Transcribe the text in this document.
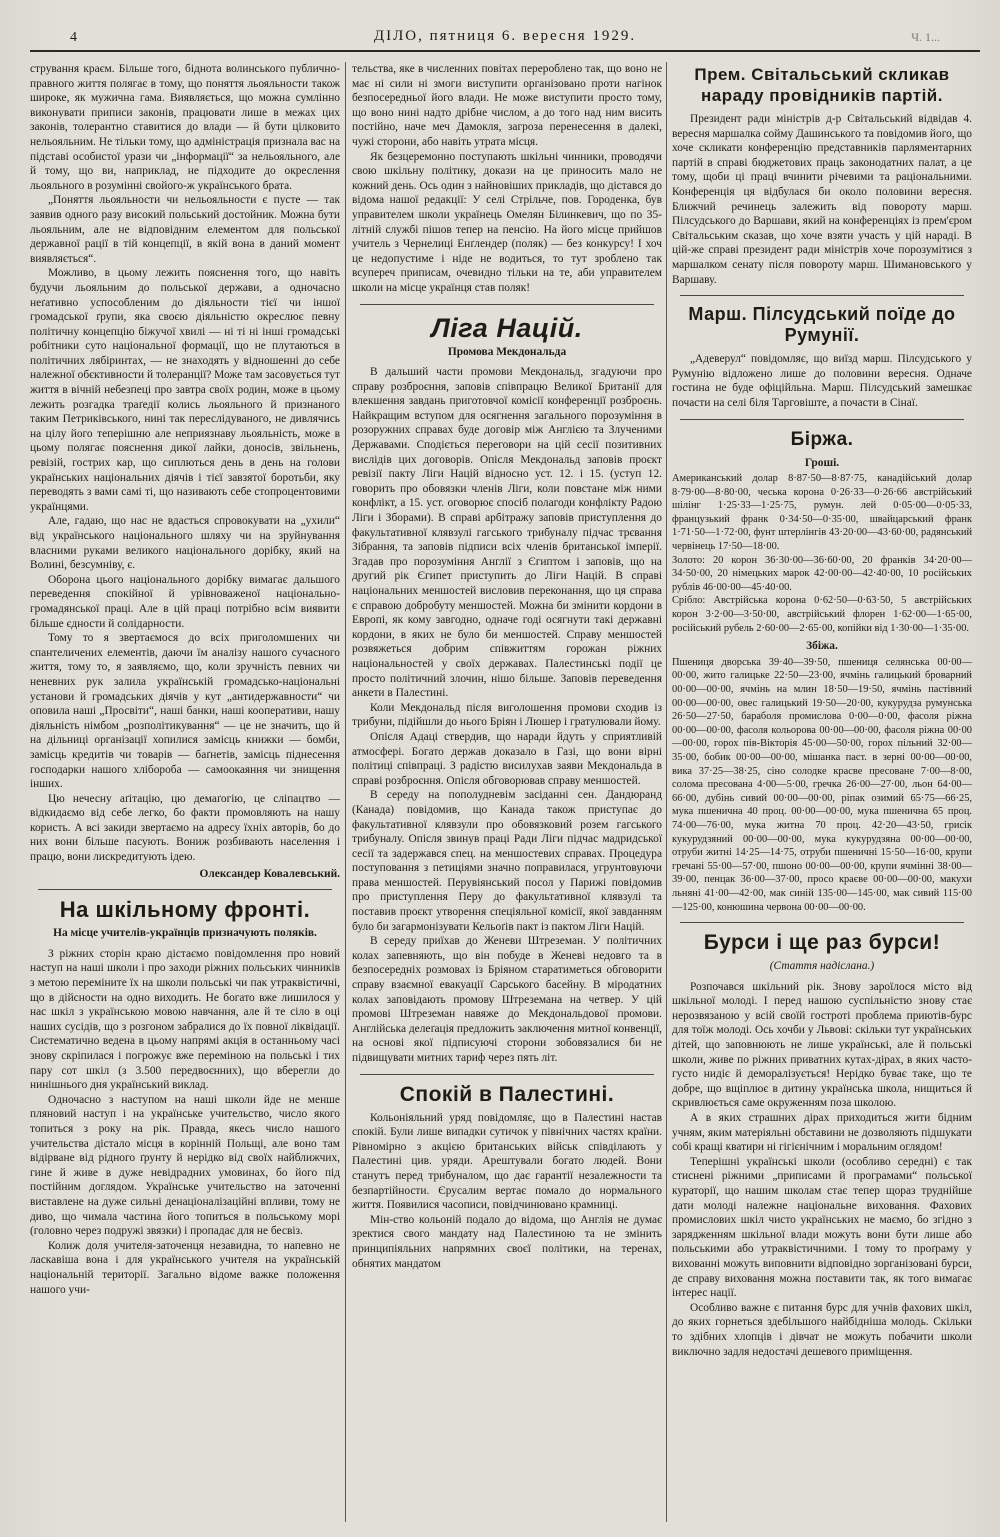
4	ДІЛО, пятниця 6. вересня 1929.	Ч. 1...

стрування краєм. Більше того, біднота волинського публично-правного життя полягає в тому, що поняття льояльности також широке, як мужична гама. Виявляється, що можна сумлінно виконувати приписи законів, працювати лише в межах цих законів, толерантно ставитися до влади — й бути цілковито нельояльним. Не тільки тому, що адміністрація признала вас на підставі особистої урази чи „інформації“ за нельояльного, але й тому, що ви, наприклад, не підходите до окреслення льояльного в розумінні свойого-ж українського брата.

„Поняття льояльности чи нельояльности є пусте — так заявив одного разу високий польський достойник. Можна бути льояльним, але не відповідним елементом для польської державної рації в тій концепції, в якій вона в даний момент виявляється“.

Можливо, в цьому лежить пояснення того, що навіть будучи льояльним до польської держави, а одночасно неґативно успособленим до діяльности тієї чи іншої громадської ґрупи, яка своєю діяльністю окреслює певну політичну концепцію біжучої хвилі — ні ті ні інші громадські робітники суто національної формації, що не плутаються в політичних лябіринтах, — не знаходять у відношенні до себе належної обєктивности й толеранції? Може там засовується тут життя в вічній небезпеці про завтра своїх родин, може в цьому лежить розгадка траґедії колись льояльного й признаного таким Петриківського, нині так переслідуваного, не дивлячись на цілу його теперішню але неприязнаву льояльність, може в цьому полягає пояснення дикої лайки, доносів, звільнень, ревізій, гострих кар, що сиплються день в день на голови українських національних діячів і тієї завзятої боротьби, яку переводять з вами самі ті, що називають себе стопроцентовими українцями.

Але, гадаю, що нас не вдасться спровокувати на „ухили“ від українського національного шляху чи на зруйнування власними руками великого національного дорібку, який на Волині, безсумніву, є.

Оборона цього національного дорібку вимагає дальшого переведення спокійної й урівноваженої національно-громадянської праці. Але в цій праці потрібно всім виявити більше єдности й солідарности.

Тому то я звертаємося до всіх приголомшених чи спантеличених елементів, даючи їм аналізу нашого сучасного життя, тому то, я заявляємо, що, коли зручність певних чи неневних рук залила українській громадсько-національні установи й громадських діячів у кут „антидержавности“ чи оповила наші „Просвіти“, наші банки, наші кооперативи, нашу діяльність німбом „розполітикування“ — це не значить, що й на дільниці організації хопилися замісць книжки — бомби, замісць кредитів чи товарів — баґнетів, замісць піднесення господарки нашого хлібороба — самоокаяння чи знищення інших.

Цю нечесну аґітацію, цю демаґогію, це сліпацтво — відкидаємо від себе легко, бо факти промовляють на нашу користь. А всі закиди звертаємо на адресу їхніх авторів, бо до них вони більше пасують. Вониж розбивають населення і працю, вони лискредитують ідею.

Олександер Ковалевський.
На шкільному фронті.
На місце учителів-українців призначують поляків.

З ріжних сторін краю дістаємо повідомлення про новий наступ на наші школи і про заходи ріжних польських чинників з метою переміните їх на школи польські чи пак утраквістичні, що в дійсности на одно виходить. Не богато вже лишилося у нас шкіл з українською мовою навчання, але й те сіло в оці наших сусідів, що з розгоном забралися до їх повної ліквідації. Систематично ведена в цьому напрямі акція в останньому часі знову скріпилася і погрожує вже переміною на польські і тих пару сот шкіл (з 3.500 передвоєнних), що вберегли до нинішнього дня український виклад.

Одночасно з наступом на наші школи йде не менше пляновий наступ і на українське учительство, число якого топиться з року на рік. Правда, якесь число нашого учительства дістало місця в корінній Польщі, але воно там відірване від рідного ґрунту й нерідко від своїх найближчих, гине й живе в дуже невідрадних умовинах, бо його під постійним доглядом. Українське учительство на заточенні виставлене на дуже сильні денаціоналізаційні впливи, тому не диво, що чимала частина його топиться в польському морі (головно через подружі звязки) і пропадає для не бесвіз.

Колиж доля учителя-заточенця незавидна, то напевно не ласкавіша вона і для українського учителя на українській національній території. Загально відоме важке положення нашого учи-

тельства, яке в численних повітах перероблено так, що воно не має ні сили ні змоги виступити організовано проти нагінок безпосередньої його влади. Не може виступити просто тому, що воно нині надто дрібне числом, а до того над ним висить постійно, наче меч Дамокля, загроза перенесення в далекі, чужі сторони, або навіть утрата місця.

Як безцеремонно поступають шкільні чинники, проводячи свою шкільну політику, докази на це приносить мало не кожний день. Ось один з найновіших прикладів, що дістався до відома нашої редакції: У селі Стрільче, пов. Городенка, був управителем школи українець Омелян Білинкевич, що по 35-літній службі пішов тепер на пенсію. На його місце прийшов учитель з Чернелиці Енґлендер (поляк) — без конкурсу! І хоч це недопустиме і ніде не водиться, то тут зроблено так всупереч приписам, очевидно тільки на те, аби управителем школи на місце українця став поляк!

Ліга Націй.
Промова Мекдональда

В дальший части промови Мекдональд, згадуючи про справу розброєння, заповів співпрацю Великої Британії для влекшення завдань приготовчої комісії конференції розброєнь. Найкращим вступом для осягнення загального порозуміння в розоружних справах буде договір між Англією та Злученими Державами. Сподіється переговори на цій сесії позитивних вислідів цих договорів. Опісля Мекдональд заповів проєкт ревізії пакту Ліги Націй відносно уст. 12. і 15. (уступ 12. говорить про обовязки членів Ліги, коли повстане між ними конфлікт, а 15. уст. оговорює спосіб полагоди конфлікту Радою Ліги і Зборами). В справі арбітражу заповів приступлення до факультативної клявзулі гагського трибуналу підчас трєвання Зібрання, та заповів підписи всіх членів британської імперії. Згадав про порозуміння Англії з Єгиптом і заповів, що на другий рік Єгипет приступить до Ліги Націй. В справі національних меншостей висловив переконання, що ця справа є справою добробуту меншостей. Можна би змінити кордони в Европі, як кому завгодно, одначе годі осягнути такі державні кордони, в яких не було би меншостей. Справу меншостей розвяжеться добрим співжиттям горожан ріжних національностей у своїх державах. Палестинські події це просто політичний злочин, нішо більше. Заповів переведення анкети в Палестині.

Коли Мекдональд після виголошення промови сходив із трибуни, підійшли до нього Бріян і Люшер і гратулювали йому.

Опісля Адаці ствердив, що наради йдуть у сприятливій атмосфері. Богато держав доказало в Газі, що вони вірні політиці співпраці. З радістю висилухав заяви Мекдональда в справі розброєння. Опісля обговорював справу меншостей.

В середу на пополудневім засіданні сен. Дандюранд (Канада) повідомив, що Канада також приступає до факультативної клявзули про обовязковий розем гагського трибуналу. Опісля звинув праці Ради Ліги підчас мадридської сесії та задержався спец. на меншостевих справах. Процедура поступовання з петиціями значно поправилася, угрунтовуючи права меншостей. Перувіянський посол у Парижі повідомив про приступлення Перу до факультативної клявзулі та поставив проєкт утворення спеціяльної комісії, якої завданням було би загармонізувати Кельоґів пакт із пактом Ліги Націй.

В середу приїхав до Женеви Штреземан. У політичних колах запевняють, що він побуде в Женеві недовго та в безпосередніх розмовах із Бріяном старатиметься обговорити справу взаємної евакуації Сарського басейну. В міродатних колах заповідають промову Штреземана на четвер. У цій промові Штреземан навяже до Мекдональдової промови. Англійська делеґація предложить заключення митної конвенції, на основі якої підписуючі сторони зобовязалися би не підвищувати митних тариф через пять літ.

Спокій в Палестині.

Кольоніяльний уряд повідомляє, що в Палестині настав спокій. Були лише випадки сутичок у північних частях країни. Рівномірно з акцією британських військ співділають у Палестині цив. уряди. Арештували богато людей. Вони станутъ перед трибуналом, що дає гарантії незалежности та безпартійности. Єрусалим вертає помало до нормального життя. Появилися часописи, повідчинювано крамниці.

Мін-ство кольоній подало до відома, що Англія не думає зректися свого мандату над Палестиною та не змінить принципіяльних напрямних своєї політики, на теренах, обнятих мандатом

Прем. Світальський скликав нараду провідників партій.

Президент ради міністрів д-р Світальський відвідав 4. вересня маршалка сойму Дашинського та повідомив його, що хоче скликати конференцію представників парляментарних партій в справі бюджетових праць законодатних палат, а це тому, щоби ці праці вчинити річевими та раціональними. Конференція ця відбулася би около половини вересня. Ближчий речинець залежить від повороту марш. Пілсудського до Варшави, який на конференціях із прем'єром Світальським сказав, що хоче взяти участь у цій нараді. В цій-же справі президент ради міністрів хоче порозумітися з маршалком сенату після повороту марш. Шимановського у Варшаву.

Марш. Пілсудський поїде до Румунії.

„Адеверул“ повідомляє, що виїзд марш. Пілсудського у Румунію відложено лише до половини вересня. Одначе гостина не буде офіційльна. Марш. Пілсудський замешкає почасти на селі біля Тарговіште, а почасти в Сінаї.

Біржа.
Гроші.

Американський долар 8·87·50—8·87·75, канадійський долар 8·79·00—8·80·00, чеська корона 0·26·33—0·26·66 австрійський шілінг 1·25·33—1·25·75, румун. лей 0·05·00—0·05·33, французький франк 0·34·50—0·35·00, швайцарський франк 1·71·50—1·72·00, фунт штерлінгів 43·20·00—43·60·00, радянський червінець 17·50—18·00.

Золото: 20 корон 36·30·00—36·60·00, 20 франків 34·20·00—34·50·00, 20 німецьких марок 42·00·00—42·40·00, 10 російських рублів 46·00·00—45·40·00.

Срібло: Австрійська корона 0·62·50—0·63·50, 5 австрійських корон 3·2·00—3·50·00, австрійський флорен 1·62·00—1·65·00, російський рубель 2·60·00—2·65·00, копійки від 1·30·00—1·35·00.

Збіжа.

Пшениця дворська 39·40—39·50, пшениця селянська 00·00—00·00, жито галицьке 22·50—23·00, ячмінь галицький броварний 00·00—00·00, ячмінь на млин 18·50—19·50, ячмінь пастівний 00·00—00·00, овес галицький 19·50—20·00, кукурудза румунська 26·50—27·50, бараболя промислова 0·00—0·00, фасоля ріжна 00·00—00·00, фасоля кольорова 00·00—00·00, фасоля ріжна 00·00—00·00, горох пів-Вікторія 45·00—50·00, горох пільний 32·00—35·00, бобик 00·00—00·00, мішанка паст. в зерні 00·00—00·00, вика 37·25—38·25, сіно солодке красве пресоване 7·00—8·00, солома пресована 4·00—5·00, гречка 26·00—27·00, льон 64·00—66·00, дубінь сивий 00·00—00·00, ріпак озимий 65·75—66·25, мука пшенична 40 проц. 00·00—00·00, мука пшенична 65 проц. 74·00—76·00, мука житна 70 проц. 42·20—43·50, грисік кукурудзяний 00·00—00·00, мука кукурудзяна 00·00—00·00, отруби житні 14·25—14·75, отруби пшеничні 15·50—16·00, крупи гречані 55·00—57·00, пшоно 00·00—00·00, крупи ячмінні 38·00—39·00, пенцак 36·00—37·00, просо краєве 00·00—00·00, макухи льняні 41·00—42·00, мак синій 135·00—145·00, мак сивий 115·00—125·00, конюшина червона 00·00—00·00.

Бурси і ще раз бурси!
(Стаття надіслана.)

Розпочався шкільний рік. Знову зароїлося місто від шкільної молоді. І перед нашою суспільністю знову стає нерозвязаною у всій своїй гостроті проблема приютів-бурс для тоїж молоді. Ось хочби у Львові: скільки тут українських дітей, що заповнюють не лише українські, але й польські школи, живе по ріжних приватних кутах-дірах, в яких часто-густо нидіє й деморалізується! Нерідко буває таке, що те добре, що вщіплює в дитину українська школа, нищиться й скривлюється саме окруженням поза школою.

А в яких страшних дірах приходиться жити бідним учням, яким матеріяльні обставини не дозволяють підшукати собі кращі кватири ні гігієнічним і моральним оглядом!

Теперішні українські школи (особливо середні) є так стиснені ріжними „приписами й програмами“ польської кураторії, що нашим школам стає тепер щораз труднійше дати молоді належне національне виховання. Фахових промислових шкіл чисто українських не маємо, бо згідно з зарядженням шкільної влади можуть вони бути лише або польськими або утраквістичними. І тому то проґраму у вихованні можуть виповнити відповідно зорганізовані бурси, де справу виховання можна поставити так, як того вимагає інтерес нації.

Особливо важне є питання бурс для учнів фахових шкіл, до яких горнеться здебільшого найбідніша молодь. Скільки то здібних хлопців і дівчат не можуть побачити школи виключно задля недостачі дешевого приміщення.
